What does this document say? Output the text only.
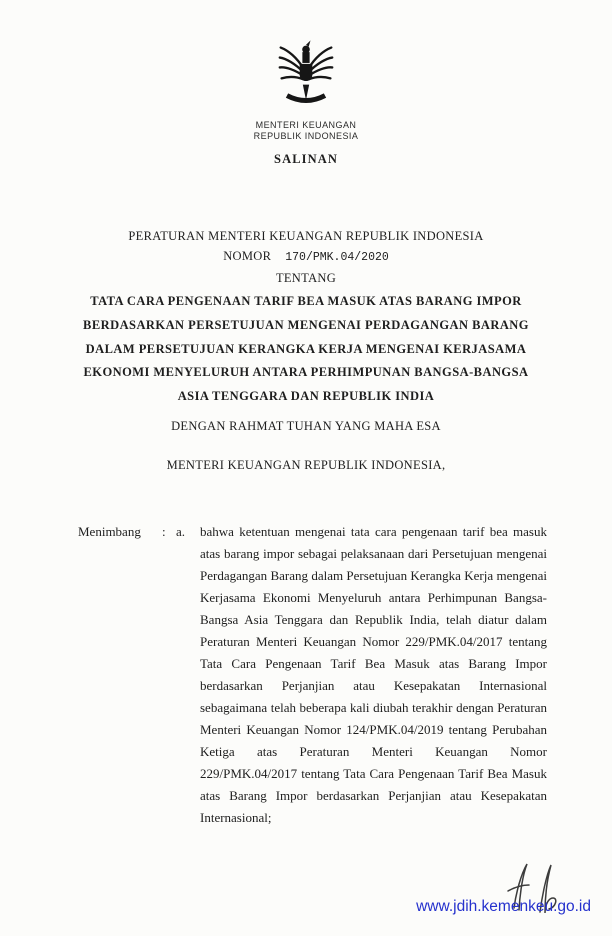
MENTERI KEUANGAN
REPUBLIK INDONESIA
SALINAN
PERATURAN MENTERI KEUANGAN REPUBLIK INDONESIA
NOMOR 170/PMK.04/2020
TENTANG
TATA CARA PENGENAAN TARIF BEA MASUK ATAS BARANG IMPOR
BERDASARKAN PERSETUJUAN MENGENAI PERDAGANGAN BARANG
DALAM PERSETUJUAN KERANGKA KERJA MENGENAI KERJASAMA
EKONOMI MENYELURUH ANTARA PERHIMPUNAN BANGSA-BANGSA
ASIA TENGGARA DAN REPUBLIK INDIA
DENGAN RAHMAT TUHAN YANG MAHA ESA
MENTERI KEUANGAN REPUBLIK INDONESIA,
Menimbang	: a.	bahwa ketentuan mengenai tata cara pengenaan tarif bea masuk atas barang impor sebagai pelaksanaan dari Persetujuan mengenai Perdagangan Barang dalam Persetujuan Kerangka Kerja mengenai Kerjasama Ekonomi Menyeluruh antara Perhimpunan Bangsa-Bangsa Asia Tenggara dan Republik India, telah diatur dalam Peraturan Menteri Keuangan Nomor 229/PMK.04/2017 tentang Tata Cara Pengenaan Tarif Bea Masuk atas Barang Impor berdasarkan Perjanjian atau Kesepakatan Internasional sebagaimana telah beberapa kali diubah terakhir dengan Peraturan Menteri Keuangan Nomor 124/PMK.04/2019 tentang Perubahan Ketiga atas Peraturan Menteri Keuangan Nomor 229/PMK.04/2017 tentang Tata Cara Pengenaan Tarif Bea Masuk atas Barang Impor berdasarkan Perjanjian atau Kesepakatan Internasional;
www.jdih.kemenkeu.go.id
